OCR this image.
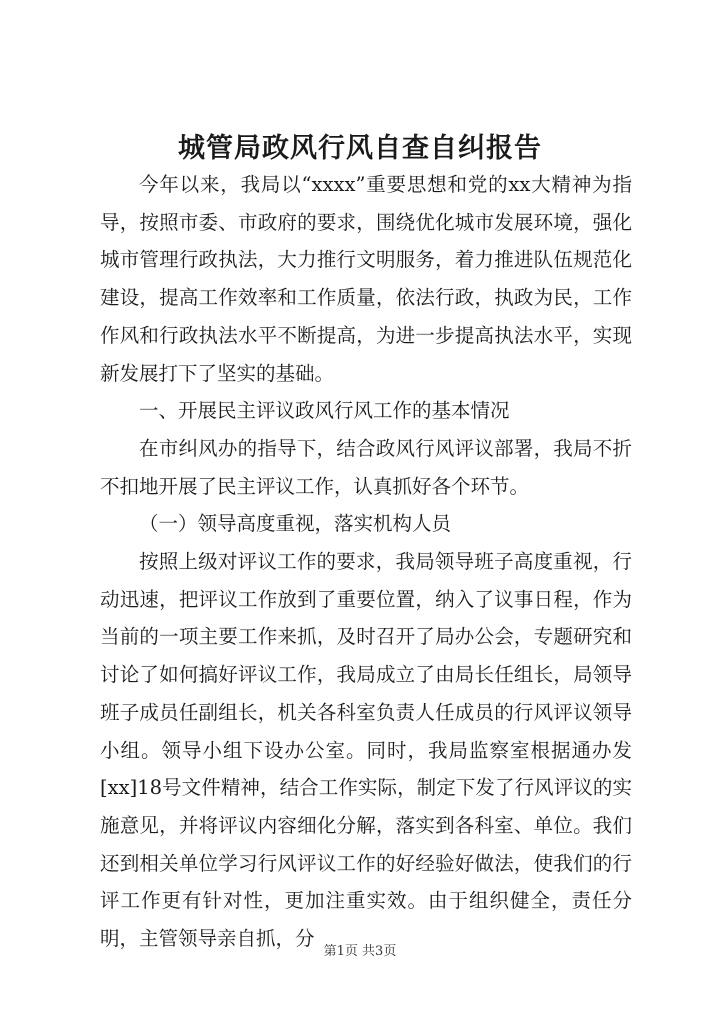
城管局政风行风自查自纠报告

今年以来，我局以“xxxx”重要思想和党的xx大精神为指导，按照市委、市政府的要求，围绕优化城市发展环境，强化城市管理行政执法，大力推行文明服务，着力推进队伍规范化建设，提高工作效率和工作质量，依法行政，执政为民，工作作风和行政执法水平不断提高，为进一步提高执法水平，实现新发展打下了坚实的基础。

一、开展民主评议政风行风工作的基本情况

在市纠风办的指导下，结合政风行风评议部署，我局不折不扣地开展了民主评议工作，认真抓好各个环节。

（一）领导高度重视，落实机构人员

按照上级对评议工作的要求，我局领导班子高度重视，行动迅速，把评议工作放到了重要位置，纳入了议事日程，作为当前的一项主要工作来抓，及时召开了局办公会，专题研究和讨论了如何搞好评议工作，我局成立了由局长任组长，局领导班子成员任副组长，机关各科室负责人任成员的行风评议领导小组。领导小组下设办公室。同时，我局监察室根据通办发[xx]18号文件精神，结合工作实际，制定下发了行风评议的实施意见，并将评议内容细化分解，落实到各科室、单位。我们还到相关单位学习行风评议工作的好经验好做法，使我们的行评工作更有针对性，更加注重实效。由于组织健全，责任分明，主管领导亲自抓，分

第1页 共3页
